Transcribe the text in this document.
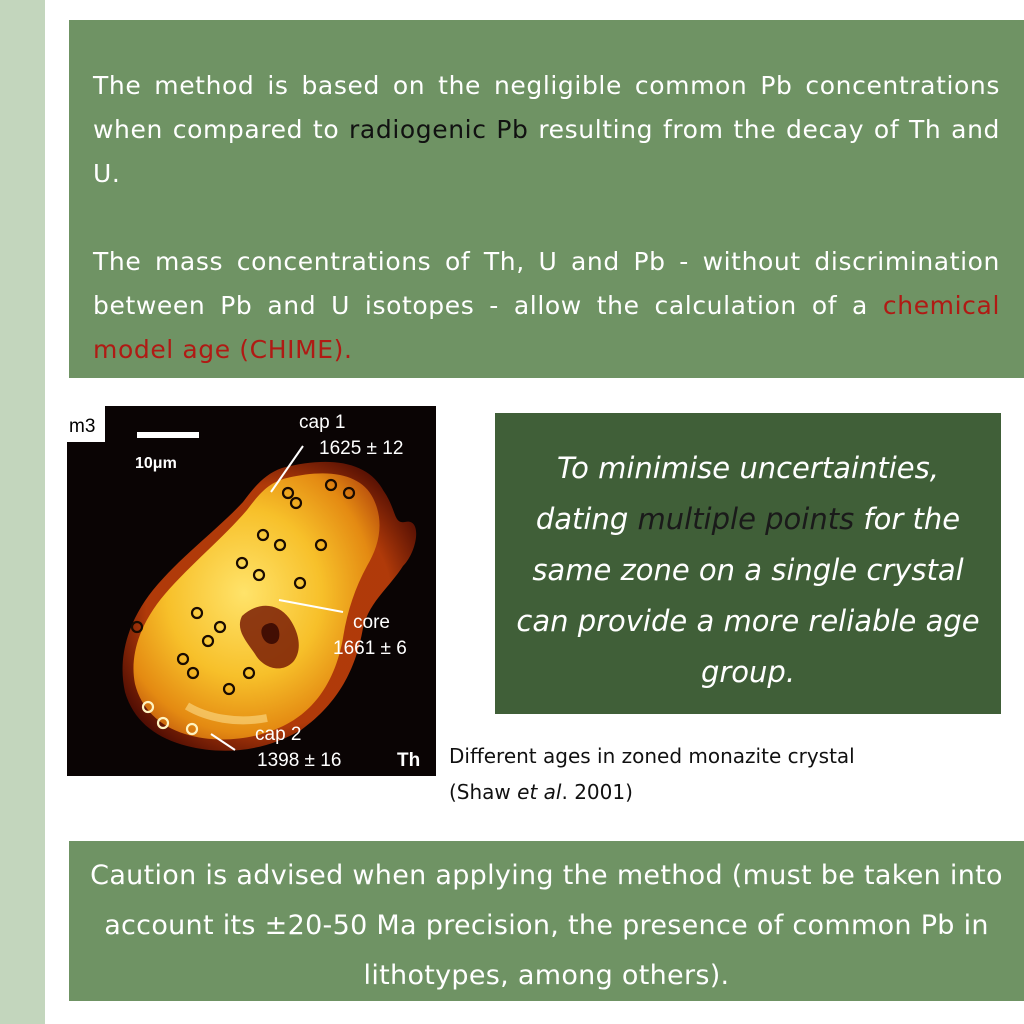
The method is based on the negligible common Pb concentrations when compared to radiogenic Pb resulting from the decay of Th and U.

The mass concentrations of Th, U and Pb - without discrimination between Pb and U isotopes - allow the calculation of a chemical model age (CHIME).

m3
10μm
cap 1
1625 ± 12
core
1661 ± 6
cap 2
1398 ± 16	Th Different ages in zoned monazite crystal
(Shaw et al. 2001)
To minimise uncertainties, dating multiple points for the same zone on a single crystal can provide a more reliable age group.
Caution is advised when applying the method (must be taken into account its ±20-50 Ma precision, the presence of common Pb in lithotypes, among others).
